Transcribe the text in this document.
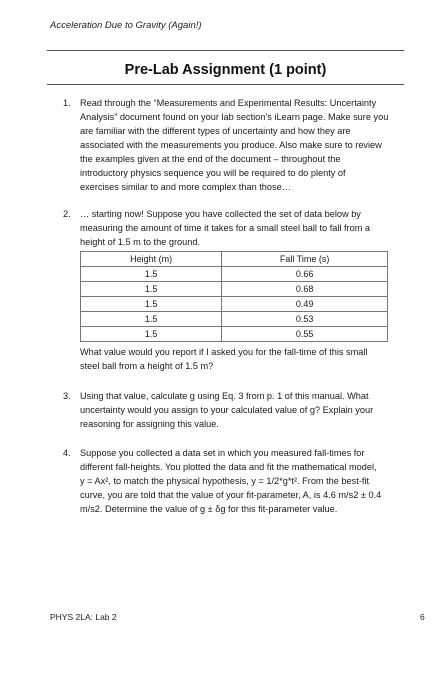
Acceleration Due to Gravity (Again!)
Pre-Lab Assignment (1 point)
1. Read through the “Measurements and Experimental Results: Uncertainty
Analysis” document found on your lab section’s iLearn page. Make sure you
are familiar with the different types of uncertainty and how they are
associated with the measurements you produce. Also make sure to review
the examples given at the end of the document – throughout the
introductory physics sequence you will be required to do plenty of
exercises similar to and more complex than those…
2. … starting now! Suppose you have collected the set of data below by
measuring the amount of time it takes for a small steel ball to fall from a
height of 1.5 m to the ground.
Height (m)	Fall Time (s)
1.5	0.66
1.5	0.68
1.5	0.49
1.5	0.53
1.5	0.55
What value would you report if I asked you for the fall-time of this small
steel ball from a height of 1.5 m?
3. Using that value, calculate g using Eq. 3 from p. 1 of this manual. What
uncertainty would you assign to your calculated value of g? Explain your
reasoning for assigning this value.
4. Suppose you collected a data set in which you measured fall-times for
different fall-heights. You plotted the data and fit the mathematical model,
y = Ax², to match the physical hypothesis, y = 1/2*g*t². From the best-fit
curve, you are told that the value of your fit-parameter, A, is 4.6 m/s2 ± 0.4
m/s2. Determine the value of g ± δg for this fit-parameter value.
PHYS 2LA: Lab 2	6
